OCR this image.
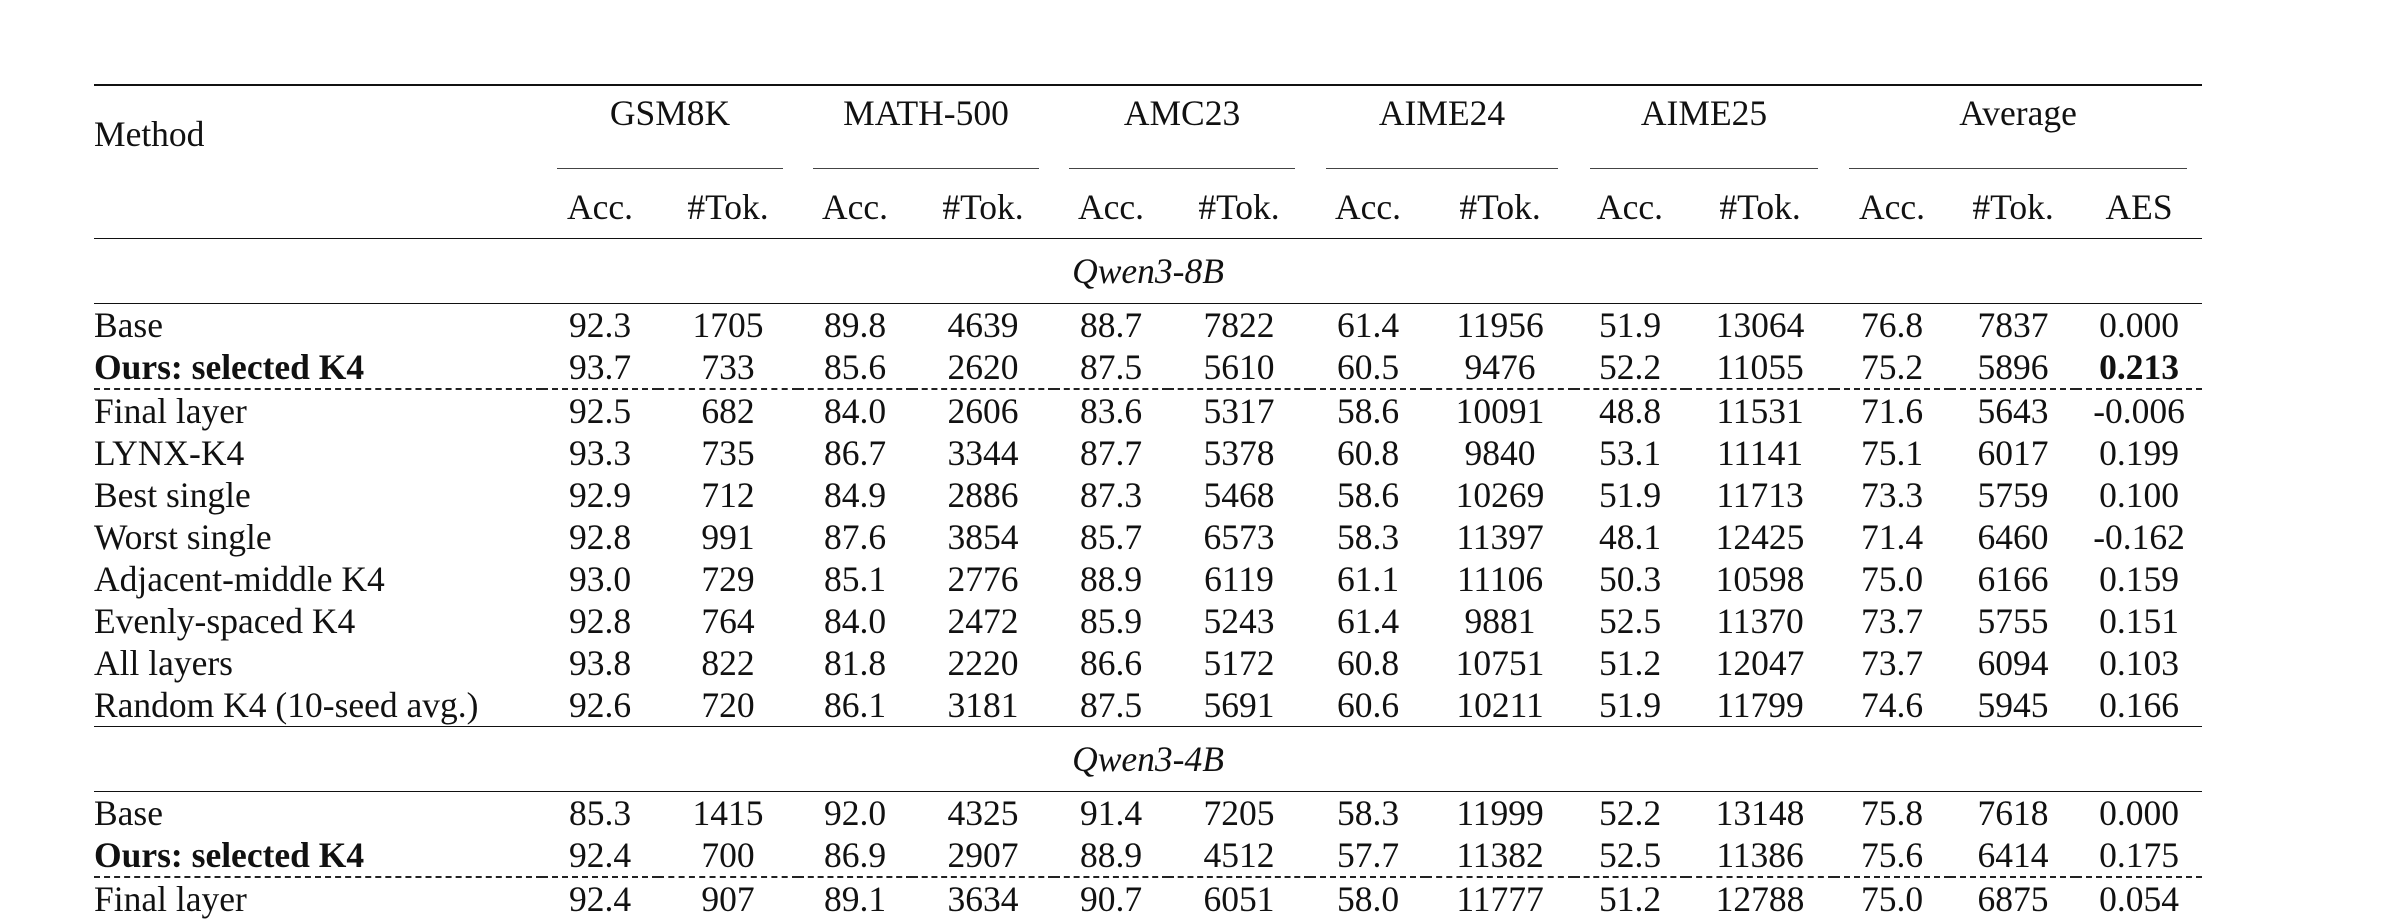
Method	GSM8K		MATH-500		AMC23		AIME24		AIME25		Average		

	Acc.	#Tok.	Acc.	#Tok.	Acc.	#Tok.	Acc.	#Tok.	Acc.	#Tok.	Acc.	#Tok.	AES
Qwen3-8B													
Base	92.3	1705	89.8	4639	88.7	7822	61.4	11956	51.9	13064	76.8	7837	0.000
Ours: selected K4	93.7	733	85.6	2620	87.5	5610	60.5	9476	52.2	11055	75.2	5896	0.213
Final layer	92.5	682	84.0	2606	83.6	5317	58.6	10091	48.8	11531	71.6	5643	-0.006
LYNX-K4	93.3	735	86.7	3344	87.7	5378	60.8	9840	53.1	11141	75.1	6017	0.199
Best single	92.9	712	84.9	2886	87.3	5468	58.6	10269	51.9	11713	73.3	5759	0.100
Worst single	92.8	991	87.6	3854	85.7	6573	58.3	11397	48.1	12425	71.4	6460	-0.162
Adjacent-middle K4	93.0	729	85.1	2776	88.9	6119	61.1	11106	50.3	10598	75.0	6166	0.159
Evenly-spaced K4	92.8	764	84.0	2472	85.9	5243	61.4	9881	52.5	11370	73.7	5755	0.151
All layers	93.8	822	81.8	2220	86.6	5172	60.8	10751	51.2	12047	73.7	6094	0.103
Random K4 (10-seed avg.)	92.6	720	86.1	3181	87.5	5691	60.6	10211	51.9	11799	74.6	5945	0.166
Qwen3-4B													
Base	85.3	1415	92.0	4325	91.4	7205	58.3	11999	52.2	13148	75.8	7618	0.000
Ours: selected K4	92.4	700	86.9	2907	88.9	4512	57.7	11382	52.5	11386	75.6	6414	0.175
Final layer	92.4	907	89.1	3634	90.7	6051	58.0	11777	51.2	12788	75.0	6875	0.054
